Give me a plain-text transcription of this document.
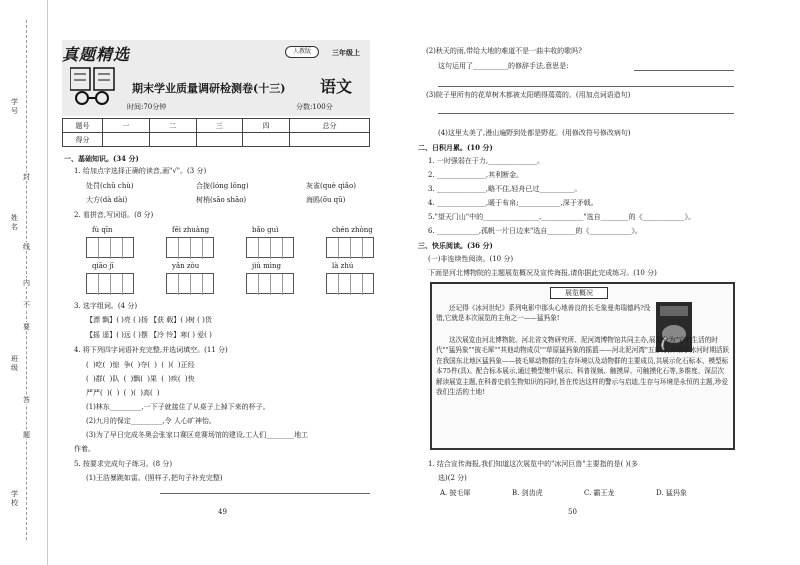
学号
姓名
班级
学校
封
线
内
不
要
答
题
真题精选	人教版	三年级上
期末学业质量调研检测卷(十三) 语文
时间:70分钟	分数:100分
题号	一	二	三	四	总分
得分					
一、基础知识。(34 分)
1. 给加点字选择正确的读音,画"√"。(3 分)
处罚(chǔ chù)	合拢(lóng lǒng)	灰雀(què qiǎo)
大方(dà dài)	树梢(sāo shāo)	海鸥(ōu qū)
2. 看拼音,写词语。(8 分)
fù qīn	fēi zhuàng	bǎo guì	chén zhòng
qiāo jī	yǎn zòu	jiù mìng	là zhú
3. 选字组词。(4 分)
【漂 飘】( )亮 ( )扬 【获 载】( )树 ( )货
【摇 遥】( )远 ( )摆 【冷 怜】寒( ) 爱( )
4. 将下列四字词语补充完整,并选词填空。(11 分)
( )吃( )惊 争( )夺( ) ( )( )正经
( )群( )队 ( )飘( )果 ( )疾( )快
严严( )( ) ( )( )高( )
(1)林东_________,一下子就接住了从桌子上掉下来的杯子。
(2)九月的保定_________,令 人心旷神怡。
(3)为了早日完成冬奥会张家口赛区竞赛场馆的建设,工人们________地工
作着。
5. 按要求完成句子练习。(8 分)
(1)王浩暴跳如雷。(照样子,把句子补充完整)
49
(2)秋天的雨,带给大地的难道不是一曲丰收的歌吗?
这句运用了__________的修辞手法,意思是:
(3)院子里所有的花草树木都被太阳晒得蔫蔫的。(用加点词语造句)
(4)这里太美了,漫山遍野到处都是野花。(用修改符号修改病句)
二、日积月累。(10 分)
1. 一时强弱在于力,______________。
2. ______________,其利断金。
3. ______________,略不住,轻舟已过__________。
4. ______________,暖于布帛;____________,深于矛戟。
5."望天门山"中的________________,____________"选自________的《____________》。
6. ____________,孤帆一片日边来"选自________的《____________》。
三、快乐阅读。(36 分)
(一)非连续性阅读。(10 分)
下面是河北博物院的主题展览概况及宣传海报,请你据此完成练习。(10 分)
展览概况
还记得《冰河世纪》系列电影中那头心地善良的长毛象曼弗瑞德吗?没错,它就是本次展览的主角之一——猛犸象!
这次展览由河北博物院、河北省文物研究所、泥河湾博物馆共同主办,展览分为"它们生活的时代""猛犸象""披毛犀""其他动物成员""草原猛犸象的摇篮——河北泥河湾"五部分,介绍了冰河时期活跃在我国东北地区猛犸象——披毛犀动物群的生存环境以及动物群的主要成员,共展示化石标本、模型标本75件(具)。配合标本展示,通过模型集中展示、科普视频、触摸屏、可触摸化石等,多维度、深层次解读展览主题,在科普史前生物知识的同时,旨在传达这样的警示与启迪,生存与环境是永恒的主题,珍爱我们生活的土地!
1. 结合宣传海报,我们知道这次展览中的"冰河巨兽"主要指的是( )(多
选)(2 分)
A. 披毛犀	B. 剑齿虎	C. 霸王龙	D. 猛犸象
50
